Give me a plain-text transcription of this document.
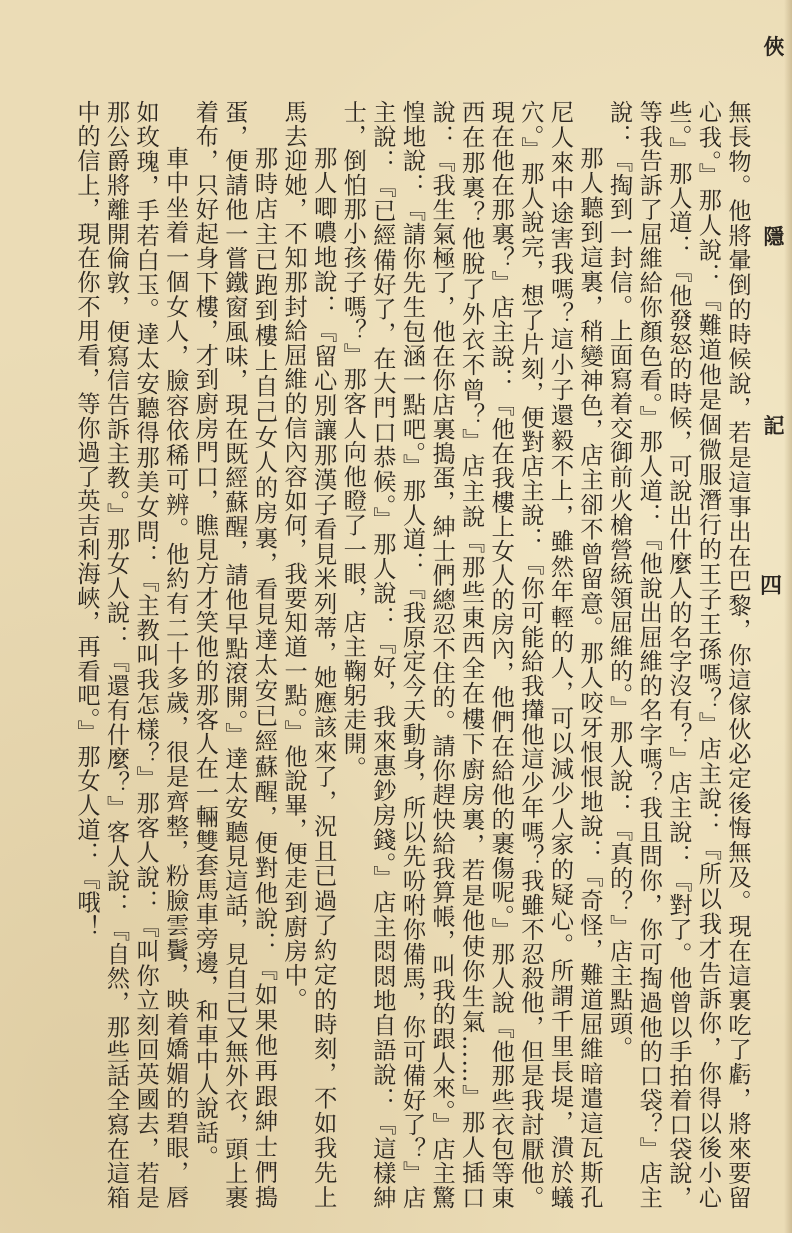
俠
隱
記
四

無長物。他將暈倒的時候說，若是這事出在巴黎，你這傢伙必定後悔無及。現在這裏吃了虧，將來要留心我。』那人說：『難道他是個微服潛行的王子王孫嗎？』店主說：『所以我才告訴你，你得以後小心些。』那人道：『他發怒的時候，可說出什麼人的名字沒有？』店主說：『對了。他曾以手拍着口袋說，等我告訴了屈維給你顏色看。』那人道：『他說出屈維的名字嗎？我且問你，你可掏過他的口袋？』店主說：『掏到一封信。上面寫着交御前火槍營統領屈維的。』那人說：『真的？』店主點頭。

那人聽到這裏，稍變神色，店主卻不曾留意。那人咬牙恨恨地說：『奇怪，難道屈維暗遣這瓦斯孔尼人來中途害我嗎？這小子還毅不上，雖然年輕的人，可以減少人家的疑心。所謂千里長堤，潰於蟻穴。』那人說完，想了片刻，便對店主說：『你可能給我攆他這少年嗎？我雖不忍殺他，但是我討厭他。現在他在那裏？』店主說：『他在我樓上女人的房內，他們在給他的裹傷呢。』那人說『他那些衣包等東西在那裏？他脫了外衣不曾？』店主說『那些東西全在樓下廚房裏，若是他使你生氣……』那人插口說：『我生氣極了，他在你店裏搗蛋，紳士們總忍不住的。請你趕快給我算帳，叫我的跟人來。』店主驚惶地說：『請你先生包涵一點吧。』那人道：『我原定今天動身，所以先吩咐你備馬，你可備好了？』店主說：『已經備好了，在大門口恭候。』那人說：『好，我來惠鈔房錢。』店主悶悶地自語說：『這樣紳士，倒怕那小孩子嗎？』那客人向他瞪了一眼，店主鞠躬走開。

那人唧噥地說：『留心別讓那漢子看見米列蒂，她應該來了，況且已過了約定的時刻，不如我先上馬去迎她，不知那封給屈維的信內容如何，我要知道一點。』他說畢，便走到廚房中。

那時店主已跑到樓上自己女人的房裏，看見達太安已經蘇醒，便對他說：『如果他再跟紳士們搗蛋，便請他一嘗鐵窗風味，現在既經蘇醒，請他早點滾開。』達太安聽見這話，見自己又無外衣，頭上裹着布，只好起身下樓，才到廚房門口，瞧見方才笑他的那客人在一輛雙套馬車旁邊，和車中人說話。

車中坐着一個女人，臉容依稀可辨。他約有二十多歲，很是齊整，粉臉雲鬢，映着嬌媚的碧眼，唇如玫瑰，手若白玉。達太安聽得那美女問：『主教叫我怎樣？』那客人說：『叫你立刻回英國去，若是那公爵將離開倫敦，便寫信告訴主教。』那女人說：『還有什麼？』客人說：『自然，那些話全寫在這箱中的信上，現在你不用看，等你過了英吉利海峽，再看吧。』那女人道：『哦！
